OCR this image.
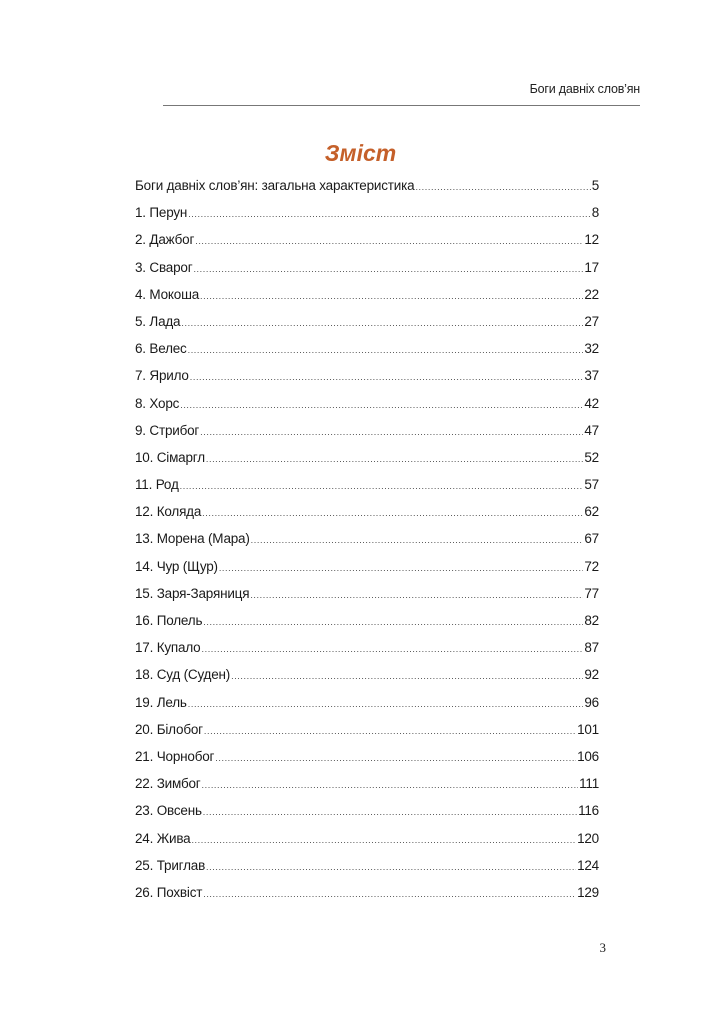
Боги давніх слов’ян
Зміст
Боги давніх слов’ян: загальна характеристика .....	5
1. Перун .....	8
2. Дажбог .....	12
3. Сварог .....	17
4. Мокоша .....	22
5. Лада .....	27
6. Велес .....	32
7. Ярило .....	37
8. Хорс .....	42
9. Стрибог .....	47
10. Сімаргл .....	52
11. Род .....	57
12. Коляда .....	62
13. Морена (Мара) .....	67
14. Чур (Щур) .....	72
15. Заря-Заряниця .....	77
16. Полель .....	82
17. Купало .....	87
18. Суд (Суден) .....	92
19. Лель .....	96
20. Білобог .....	101
21. Чорнобог .....	106
22. Зимбог .....	111
23. Овсень .....	116
24. Жива .....	120
25. Триглав .....	124
26. Похвіст .....	129
3
